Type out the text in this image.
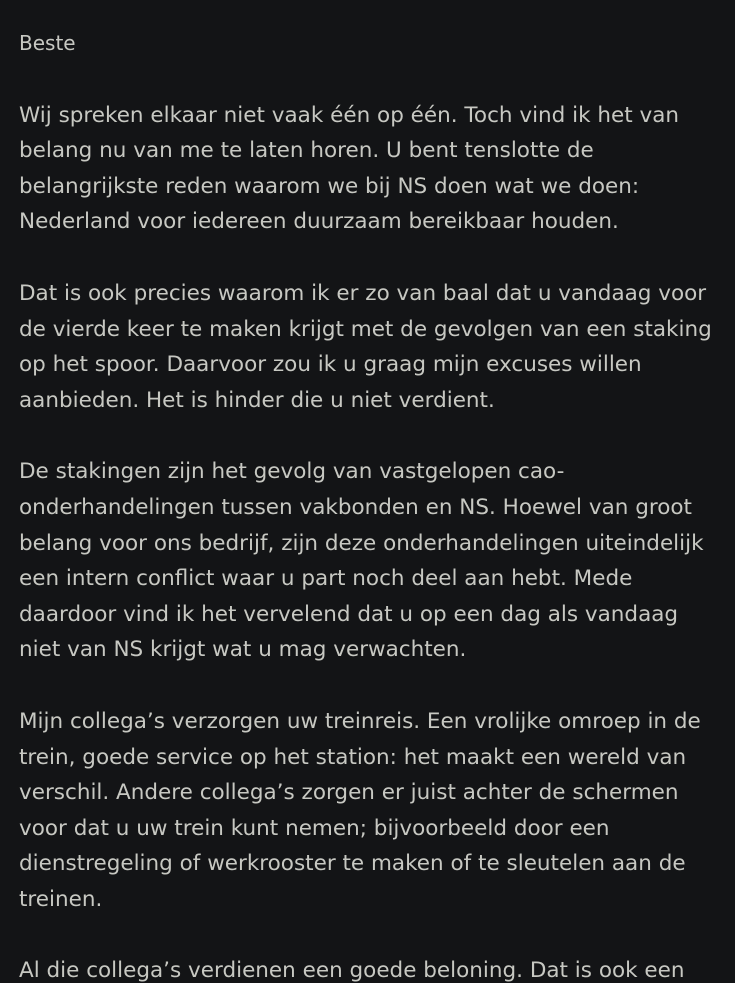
Beste

Wij spreken elkaar niet vaak één op één. Toch vind ik het van belang nu van me te laten horen. U bent tenslotte de belangrijkste reden waarom we bij NS doen wat we doen: Nederland voor iedereen duurzaam bereikbaar houden.

Dat is ook precies waarom ik er zo van baal dat u vandaag voor de vierde keer te maken krijgt met de gevolgen van een staking op het spoor. Daarvoor zou ik u graag mijn excuses willen aanbieden. Het is hinder die u niet verdient.

De stakingen zijn het gevolg van vastgelopen cao-onderhandelingen tussen vakbonden en NS. Hoewel van groot belang voor ons bedrijf, zijn deze onderhandelingen uiteindelijk een intern conflict waar u part noch deel aan hebt. Mede daardoor vind ik het vervelend dat u op een dag als vandaag niet van NS krijgt wat u mag verwachten.

Mijn collega’s verzorgen uw treinreis. Een vrolijke omroep in de trein, goede service op het station: het maakt een wereld van verschil. Andere collega’s zorgen er juist achter de schermen voor dat u uw trein kunt nemen; bijvoorbeeld door een dienstregeling of werkrooster te maken of te sleutelen aan de treinen.

Al die collega’s verdienen een goede beloning. Dat is ook een
